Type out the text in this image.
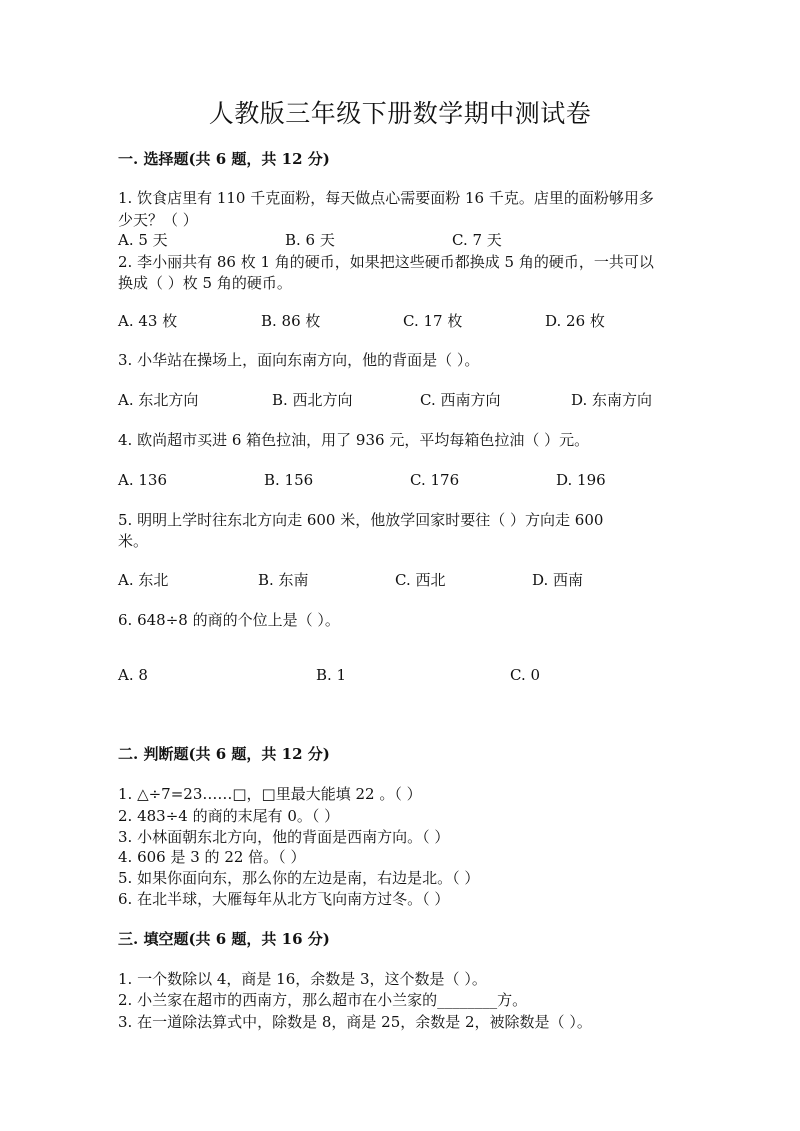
人教版三年级下册数学期中测试卷
一. 选择题(共 6 题，共 12 分)
1. 饮食店里有 110 千克面粉，每天做点心需要面粉 16 千克。店里的面粉够用多
少天？（ ）
A. 5 天	B. 6 天	C. 7 天
2. 李小丽共有 86 枚 1 角的硬币，如果把这些硬币都换成 5 角的硬币，一共可以
换成（ ）枚 5 角的硬币。
A. 43 枚	B. 86 枚	C. 17 枚	D. 26 枚
3. 小华站在操场上，面向东南方向，他的背面是（ ）。
A. 东北方向	B. 西北方向	C. 西南方向	D. 东南方向
4. 欧尚超市买进 6 箱色拉油，用了 936 元，平均每箱色拉油（ ）元。
A. 136	B. 156	C. 176	D. 196
5. 明明上学时往东北方向走 600 米，他放学回家时要往（ ）方向走 600
米。
A. 东北	B. 东南	C. 西北	D. 西南
6. 648÷8 的商的个位上是（ ）。
A. 8	B. 1	C. 0
二. 判断题(共 6 题，共 12 分)
1. △÷7=23……□，□里最大能填 22 。（ ）
2. 483÷4 的商的末尾有 0。（ ）
3. 小林面朝东北方向，他的背面是西南方向。（ ）
4. 606 是 3 的 22 倍。（ ）
5. 如果你面向东，那么你的左边是南，右边是北。（ ）
6. 在北半球，大雁每年从北方飞向南方过冬。（ ）
三. 填空题(共 6 题，共 16 分)
1. 一个数除以 4，商是 16，余数是 3，这个数是（ ）。
2. 小兰家在超市的西南方，那么超市在小兰家的________方。
3. 在一道除法算式中，除数是 8，商是 25，余数是 2，被除数是（ ）。
